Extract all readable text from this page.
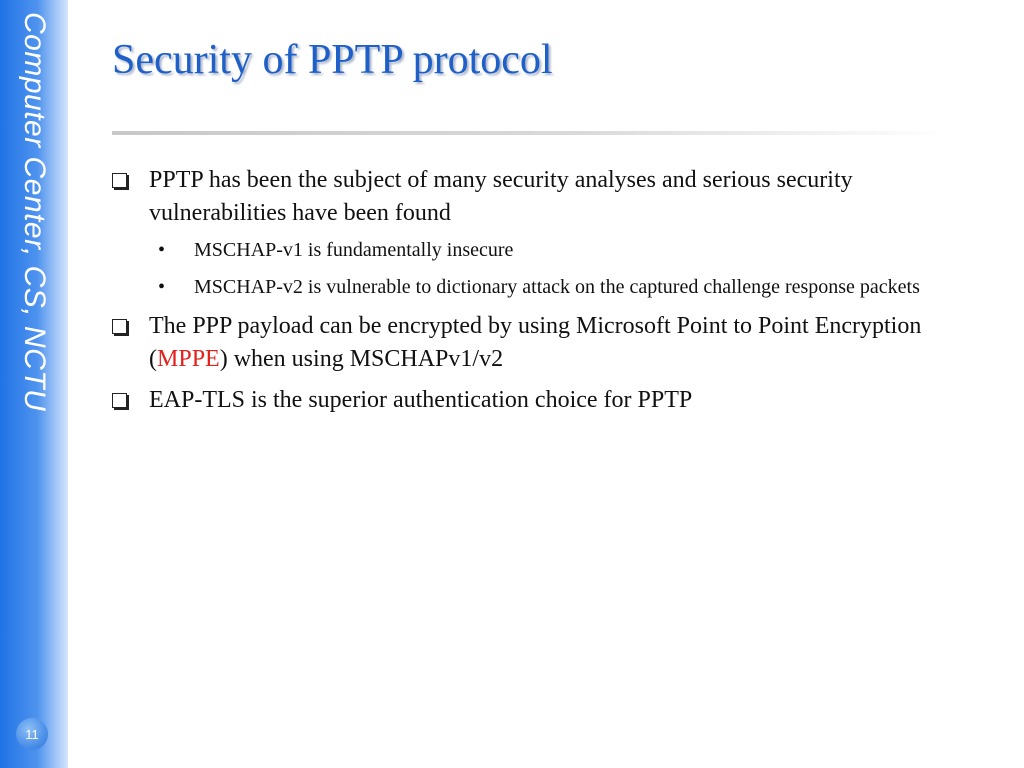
Computer Center, CS, NCTU
11
Security of PPTP protocol
PPTP has been the subject of many security analyses and serious security vulnerabilities have been found
• MSCHAP-v1 is fundamentally insecure
• MSCHAP-v2 is vulnerable to dictionary attack on the captured challenge response packets
The PPP payload can be encrypted by using Microsoft Point to Point Encryption (MPPE) when using MSCHAPv1/v2
EAP-TLS is the superior authentication choice for PPTP
